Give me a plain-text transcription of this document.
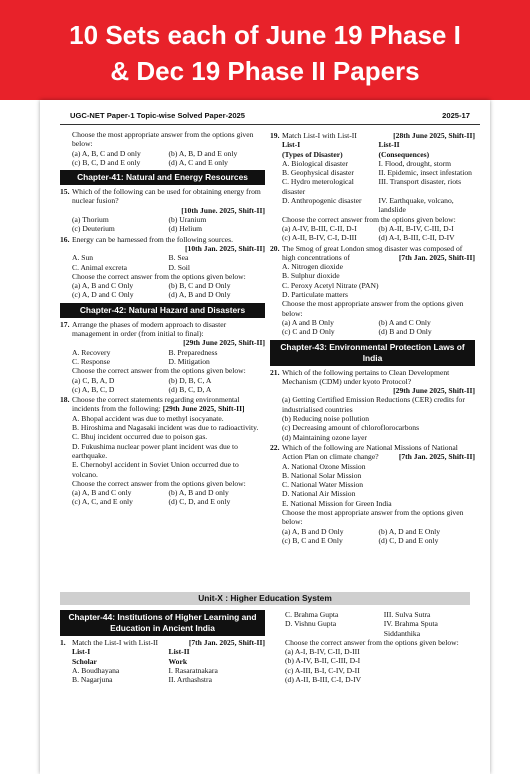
10 Sets each of June 19 Phase I
& Dec 19 Phase II Papers
UGC-NET Paper-1 Topic-wise Solved Paper-2025	2025-17

Choose the most appropriate answer from the options given below:

(a) A, B, C and D only	(b) A, B, D and E only
(c) B, C, D and E only	(d) A, C and E only
Chapter-41: Natural and Energy Resources
15. Which of the following can be used for obtaining energy from nuclear fusion?
[10th June. 2025, Shift-II]
(a) Thorium	(b) Uranium
(c) Deuterium	(d) Helium
16. Energy can be harnessed from the following sources.
[10th Jan. 2025, Shift-II]
A. Sun	B. Sea
C. Animal excreta	D. Soil

Choose the correct answer from the options given below:

(a) A, B and C Only	(b) B, C and D Only
(c) A, D and C Only	(d) A, B and D Only
Chapter-42: Natural Hazard and Disasters
17. Arrange the phases of modern approach to disaster management in order (from initial to final):
[29th June 2025, Shift-II]
A. Recovery	B. Preparedness
C. Response	D. Mitigation

Choose the correct answer from the options given below:

(a) C, B, A, D	(b) D, B, C, A
(c) A, B, C, D	(d) B, C, D, A
18. Choose the correct statements regarding environmental incidents from the following: [29th June 2025, Shift-II]

A. Bhopal accident was due to methyl isocyanate.

B. Hiroshima and Nagasaki incident was due to radioactivity.

C. Bhuj incident occurred due to poison gas.

D. Fukushima nuclear power plant incident was due to earthquake.

E. Chernobyl accident in Soviet Union occurred due to volcano.

Choose the correct answer from the options given below:

(a) A, B and C only	(b) A, B and D only
(c) A, C, and E only	(d) C, D, and E only
19. Match List-I with List-II	[28th June 2025, Shift-II]
List-I	List-II
(Types of Disaster)	(Consequences)
A. Biological disaster	I. Flood, drought, storm
B. Geophysical disaster	II. Epidemic, insect infestation
C. Hydro meterological disaster
III. Transport disaster, riots
D. Anthropogenic disaster	IV. Earthquake, volcano, landslide

Choose the correct answer from the options given below:

(a) A-IV, B-III, C-II, D-I	(b) A-II, B-IV, C-III, D-I
(c) A-II, B-IV, C-I, D-III	(d) A-I, B-III, C-II, D-IV
20. The Smog of great London smog disaster was composed of high concentrations of	[7th Jan. 2025, Shift-II]

A. Nitrogen dioxide

B. Sulphur dioxide

C. Peroxy Acetyl Nitrate (PAN)

D. Particulate matters

Choose the most appropriate answer from the options given below:

(a) A and B Only	(b) A and C Only
(c) C and D Only	(d) B and D Only
Chapter-43: Environmental Protection Laws of India
21. Which of the following pertains to Clean Development Mechanism (CDM) under kyoto Protocol?
[29th June 2025, Shift-II]

(a) Getting Certified Emission Reductions (CER) credits for industrialised countries

(b) Reducing noise pollution

(c) Decreasing amount of chloroflorocarbons

(d) Maintaining ozone layer

22. Which of the following are National Missions of National Action Plan on climate change?	[7th Jan. 2025, Shift-II]

A. National Ozone Mission

B. National Solar Mission

C. National Water Mission

D. National Air Mission

E. National Mission for Green India

Choose the most appropriate answer from the options given below:

(a) A, B and D Only	(b) A, D and E Only
(c) B, C and E Only	(d) C, D and E only
Unit-X : Higher Education System
Chapter-44: Institutions of Higher Learning and Education in Ancient India
1. Match the List-I with List-II	[7th Jan. 2025, Shift-II]
List-I	List-II
Scholar	Work
A. Boudhayana	I. Rasaratnakara
B. Nagarjuna	II. Arthashstra
C. Brahma Gupta	III. Sulva Sutra
D. Vishnu Gupta	IV. Brahma Sputa Siddanthika

Choose the correct answer from the options given below:

(a) A-I, B-IV, C-II, D-III

(b) A-IV, B-II, C-III, D-I

(c) A-III, B-I, C-IV, D-II

(d) A-II, B-III, C-I, D-IV
